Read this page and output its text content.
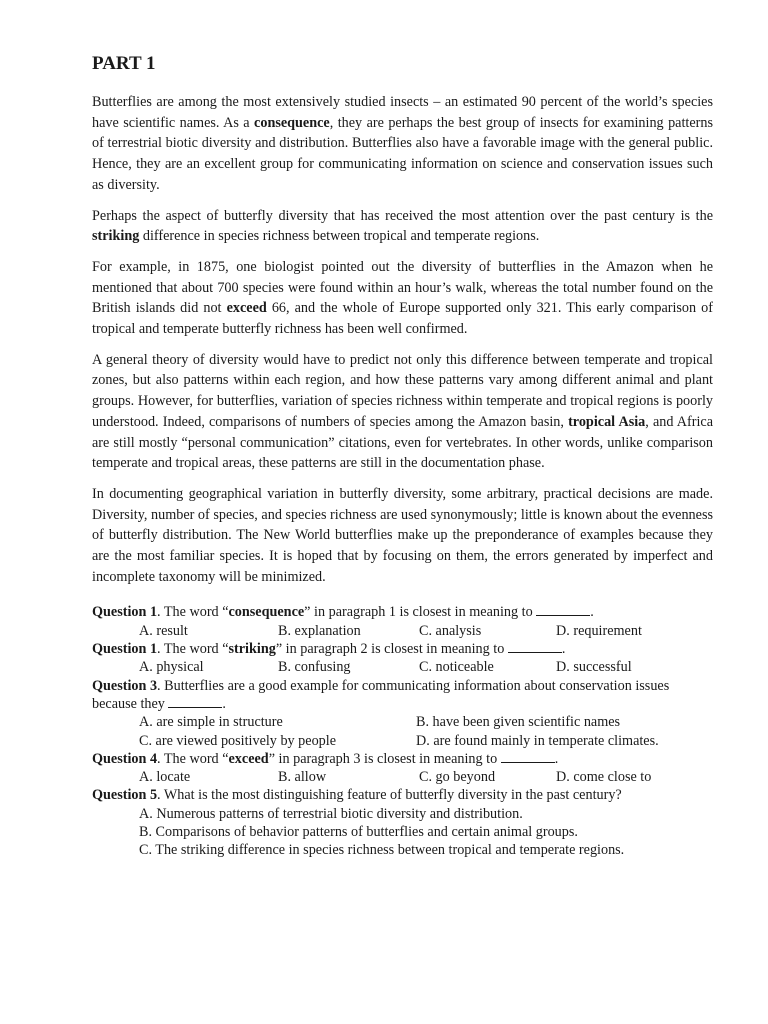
PART 1

Butterflies are among the most extensively studied insects – an estimated 90 percent of the world’s species have scientific names. As a consequence, they are perhaps the best group of insects for examining patterns of terrestrial biotic diversity and distribution. Butterflies also have a favorable image with the general public. Hence, they are an excellent group for communicating information on science and conservation issues such as diversity.

Perhaps the aspect of butterfly diversity that has received the most attention over the past century is the striking difference in species richness between tropical and temperate regions.

For example, in 1875, one biologist pointed out the diversity of butterflies in the Amazon when he mentioned that about 700 species were found within an hour’s walk, whereas the total number found on the British islands did not exceed 66, and the whole of Europe supported only 321. This early comparison of tropical and temperate butterfly richness has been well confirmed.

A general theory of diversity would have to predict not only this difference between temperate and tropical zones, but also patterns within each region, and how these patterns vary among different animal and plant groups. However, for butterflies, variation of species richness within temperate and tropical regions is poorly understood. Indeed, comparisons of numbers of species among the Amazon basin, tropical Asia, and Africa are still mostly “personal communication” citations, even for vertebrates. In other words, unlike comparison temperate and tropical areas, these patterns are still in the documentation phase.

In documenting geographical variation in butterfly diversity, some arbitrary, practical decisions are made. Diversity, number of species, and species richness are used synonymously; little is known about the evenness of butterfly distribution. The New World butterflies make up the preponderance of examples because they are the most familiar species. It is hoped that by focusing on them, the errors generated by imperfect and incomplete taxonomy will be minimized.

Question 1. The word “consequence” in paragraph 1 is closest in meaning to	.

A. result	B. explanation	C. analysis	D. requirement

Question 1. The word “striking” in paragraph 2 is closest in meaning to	.

A. physical	B. confusing	C. noticeable	D. successful

Question 3. Butterflies are a good example for communicating information about conservation issues because they	.

A. are simple in structure	B. have been given scientific names
C. are viewed positively by people	D. are found mainly in temperate climates.

Question 4. The word “exceed” in paragraph 3 is closest in meaning to	.

A. locate	B. allow	C. go beyond	D. come close to

Question 5. What is the most distinguishing feature of butterfly diversity in the past century?

A. Numerous patterns of terrestrial biotic diversity and distribution.
B. Comparisons of behavior patterns of butterflies and certain animal groups.
C. The striking difference in species richness between tropical and temperate regions.
